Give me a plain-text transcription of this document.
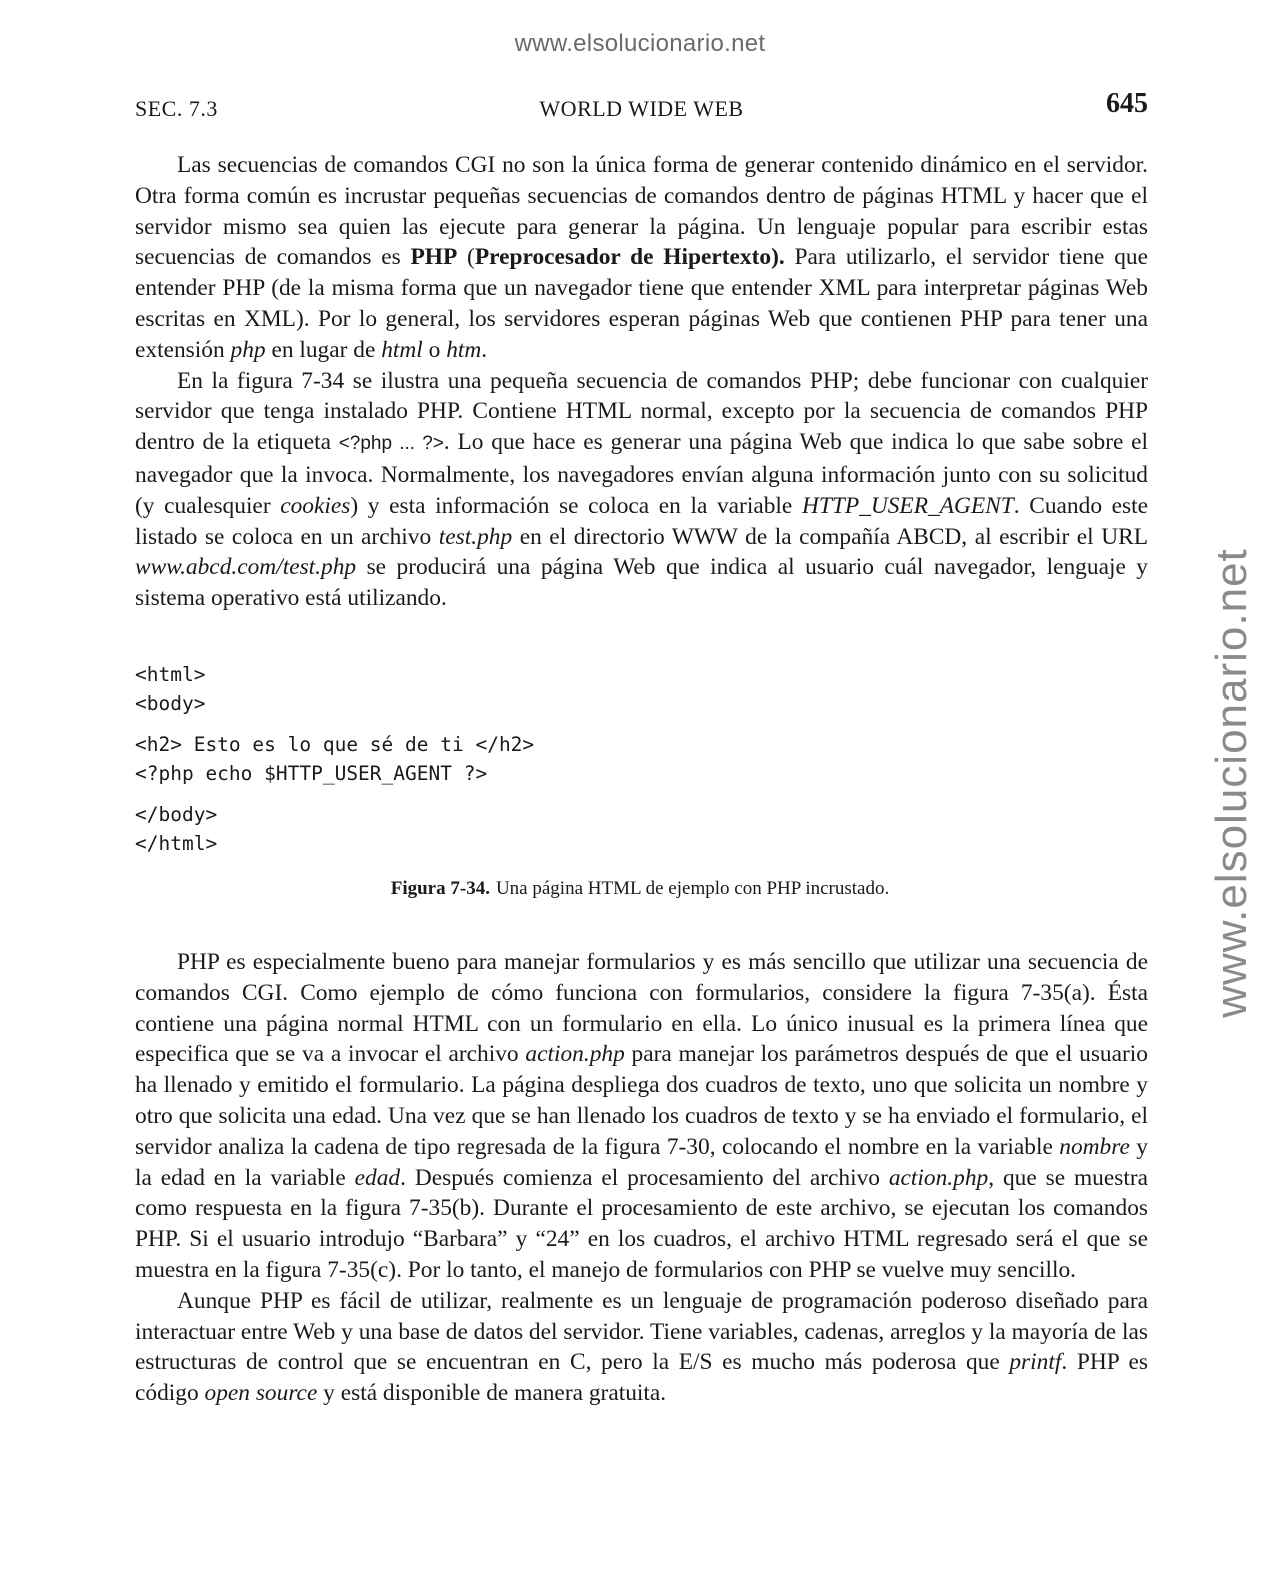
www.elsolucionario.net
www.elsolucionario.net
SEC. 7.3	WORLD WIDE WEB	645

Las secuencias de comandos CGI no son la única forma de generar contenido dinámico en el servidor. Otra forma común es incrustar pequeñas secuencias de comandos dentro de páginas HTML y hacer que el servidor mismo sea quien las ejecute para generar la página. Un lenguaje popular para escribir estas secuencias de comandos es PHP (Preprocesador de Hipertexto). Para utilizarlo, el servidor tiene que entender PHP (de la misma forma que un navegador tiene que entender XML para interpretar páginas Web escritas en XML). Por lo general, los servidores esperan páginas Web que contienen PHP para tener una extensión php en lugar de html o htm.

En la figura 7-34 se ilustra una pequeña secuencia de comandos PHP; debe funcionar con cualquier servidor que tenga instalado PHP. Contiene HTML normal, excepto por la secuencia de comandos PHP dentro de la etiqueta <?php ... ?>. Lo que hace es generar una página Web que indica lo que sabe sobre el navegador que la invoca. Normalmente, los navegadores envían alguna información junto con su solicitud (y cualesquier cookies) y esta información se coloca en la variable HTTP_USER_AGENT. Cuando este listado se coloca en un archivo test.php en el directorio WWW de la compañía ABCD, al escribir el URL www.abcd.com/test.php se producirá una página Web que indica al usuario cuál navegador, lenguaje y sistema operativo está utilizando.

<html>
<body>
<h2> Esto es lo que sé de ti </h2>
<?php echo $HTTP_USER_AGENT ?>
</body>
</html>
Figura 7-34. Una página HTML de ejemplo con PHP incrustado.

PHP es especialmente bueno para manejar formularios y es más sencillo que utilizar una secuencia de comandos CGI. Como ejemplo de cómo funciona con formularios, considere la figura 7-35(a). Ésta contiene una página normal HTML con un formulario en ella. Lo único inusual es la primera línea que especifica que se va a invocar el archivo action.php para manejar los parámetros después de que el usuario ha llenado y emitido el formulario. La página despliega dos cuadros de texto, uno que solicita un nombre y otro que solicita una edad. Una vez que se han llenado los cuadros de texto y se ha enviado el formulario, el servidor analiza la cadena de tipo regresada de la figura 7-30, colocando el nombre en la variable nombre y la edad en la variable edad. Después comienza el procesamiento del archivo action.php, que se muestra como respuesta en la figura 7-35(b). Durante el procesamiento de este archivo, se ejecutan los comandos PHP. Si el usuario introdujo “Barbara” y “24” en los cuadros, el archivo HTML regresado será el que se muestra en la figura 7-35(c). Por lo tanto, el manejo de formularios con PHP se vuelve muy sencillo.

Aunque PHP es fácil de utilizar, realmente es un lenguaje de programación poderoso diseñado para interactuar entre Web y una base de datos del servidor. Tiene variables, cadenas, arreglos y la mayoría de las estructuras de control que se encuentran en C, pero la E/S es mucho más poderosa que printf. PHP es código open source y está disponible de manera gratuita.
